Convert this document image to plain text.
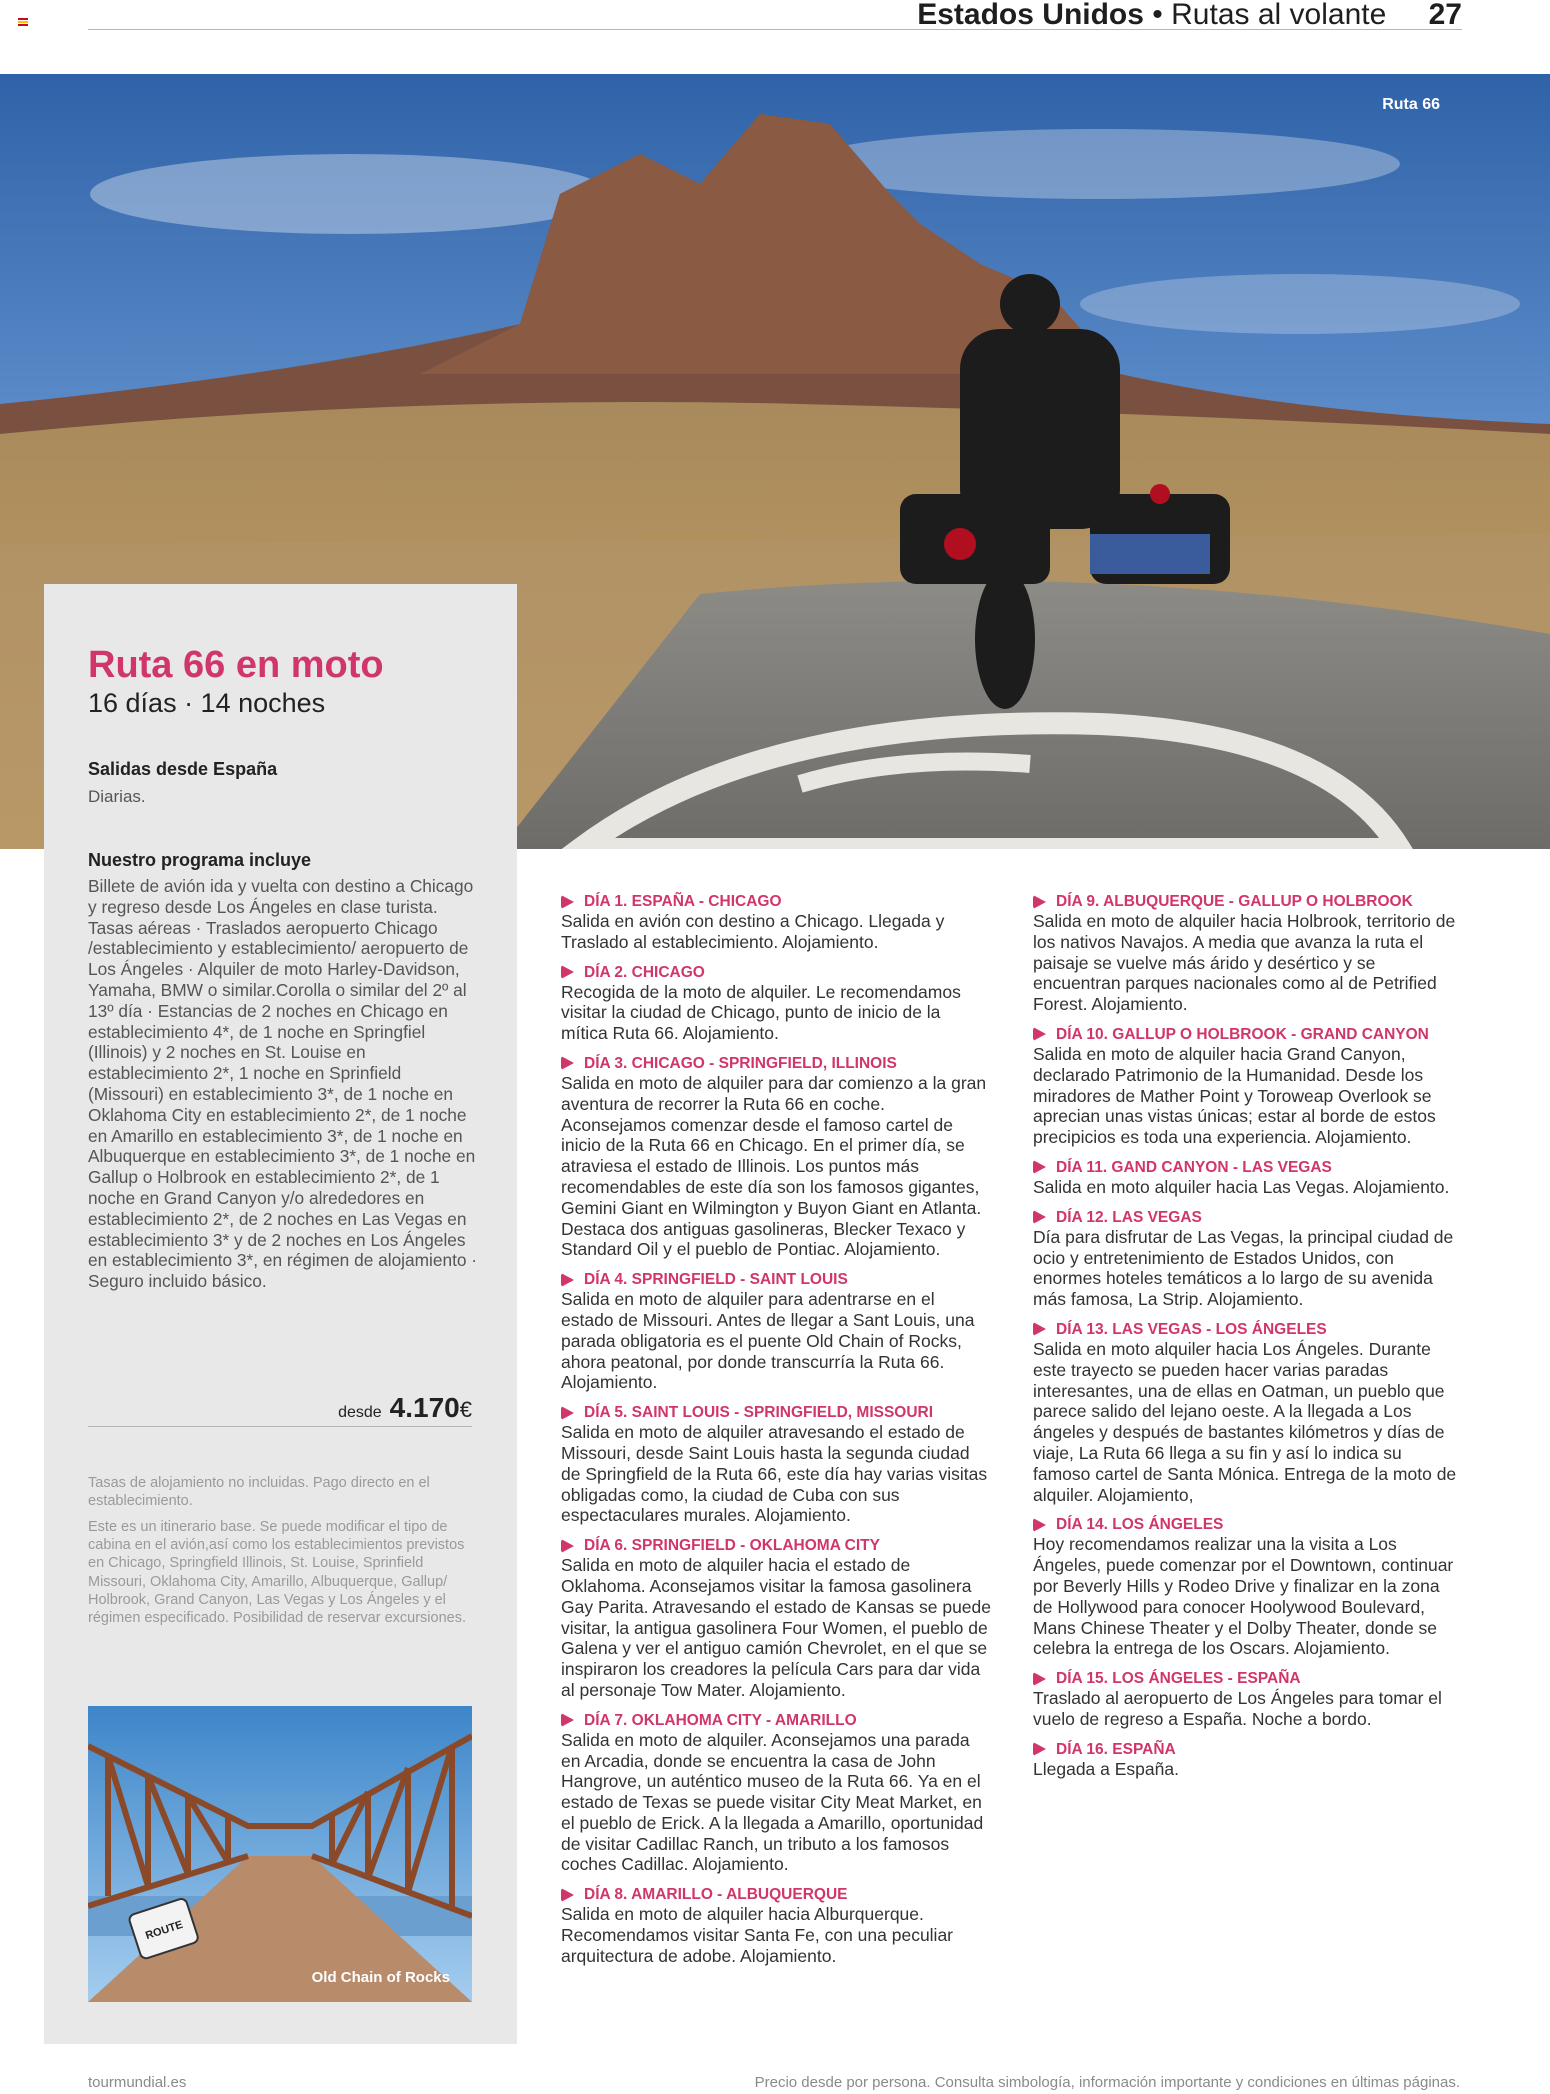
Estados Unidos • Rutas al volante 27
Ruta 66
Ruta 66 en moto
16 días · 14 noches
Salidas desde España
Diarias.
Nuestro programa incluye
Billete de avión ida y vuelta con destino a Chicago y regreso desde Los Ángeles en clase turista. Tasas aéreas · Traslados aeropuerto Chicago /establecimiento y establecimiento/ aeropuerto de Los Ángeles · Alquiler de moto Harley-Davidson, Yamaha, BMW o similar.Corolla o similar del 2º al 13º día · Estancias de 2 noches en Chicago en establecimiento 4*, de 1 noche en Springfiel (Illinois) y 2 noches en St. Louise en establecimiento 2*, 1 noche en Sprinfield (Missouri) en establecimiento 3*, de 1 noche en Oklahoma City en establecimiento 2*, de 1 noche en Amarillo en establecimiento 3*, de 1 noche en Albuquerque en establecimiento 3*, de 1 noche en Gallup o Holbrook en establecimiento 2*, de 1 noche en Grand Canyon y/o alrededores en establecimiento 2*, de 2 noches en Las Vegas en establecimiento 3* y de 2 noches en Los Ángeles en establecimiento 3*, en régimen de alojamiento · Seguro incluido básico.
desde 4.170€
Tasas de alojamiento no incluidas. Pago directo en el establecimiento.
Este es un itinerario base. Se puede modificar el tipo de cabina en el avión,así como los establecimientos previstos en Chicago, Springfield Illinois, St. Louise, Sprinfield Missouri, Oklahoma City, Amarillo, Albuquerque, Gallup/ Holbrook, Grand Canyon, Las Vegas y Los Ángeles y el régimen especificado. Posibilidad de reservar excursiones.
ROUTE
Old Chain of Rocks
DÍA 1. ESPAÑA - CHICAGO
Salida en avión con destino a Chicago. Llegada y Traslado al establecimiento. Alojamiento.
DÍA 2. CHICAGO
Recogida de la moto de alquiler. Le recomendamos visitar la ciudad de Chicago, punto de inicio de la mítica Ruta 66. Alojamiento.
DÍA 3. CHICAGO - SPRINGFIELD, ILLINOIS
Salida en moto de alquiler para dar comienzo a la gran aventura de recorrer la Ruta 66 en coche. Aconsejamos comenzar desde el famoso cartel de inicio de la Ruta 66 en Chicago. En el primer día, se atraviesa el estado de Illinois. Los puntos más recomendables de este día son los famosos gigantes, Gemini Giant en Wilmington y Buyon Giant en Atlanta. Destaca dos antiguas gasolineras, Blecker Texaco y Standard Oil y el pueblo de Pontiac. Alojamiento.
DÍA 4. SPRINGFIELD - SAINT LOUIS
Salida en moto de alquiler para adentrarse en el estado de Missouri. Antes de llegar a Sant Louis, una parada obligatoria es el puente Old Chain of Rocks, ahora peatonal, por donde transcurría la Ruta 66. Alojamiento.
DÍA 5. SAINT LOUIS - SPRINGFIELD, MISSOURI
Salida en moto de alquiler atravesando el estado de Missouri, desde Saint Louis hasta la segunda ciudad de Springfield de la Ruta 66, este día hay varias visitas obligadas como, la ciudad de Cuba con sus espectaculares murales. Alojamiento.
DÍA 6. SPRINGFIELD - OKLAHOMA CITY
Salida en moto de alquiler hacia el estado de Oklahoma. Aconsejamos visitar la famosa gasolinera Gay Parita. Atravesando el estado de Kansas se puede visitar, la antigua gasolinera Four Women, el pueblo de Galena y ver el antiguo camión Chevrolet, en el que se inspiraron los creadores la película Cars para dar vida al personaje Tow Mater. Alojamiento.
DÍA 7. OKLAHOMA CITY - AMARILLO
Salida en moto de alquiler. Aconsejamos una parada en Arcadia, donde se encuentra la casa de John Hangrove, un auténtico museo de la Ruta 66. Ya en el estado de Texas se puede visitar City Meat Market, en el pueblo de Erick. A la llegada a Amarillo, oportunidad de visitar Cadillac Ranch, un tributo a los famosos coches Cadillac. Alojamiento.
DÍA 8. AMARILLO - ALBUQUERQUE
Salida en moto de alquiler hacia Alburquerque. Recomendamos visitar Santa Fe, con una peculiar arquitectura de adobe. Alojamiento.
DÍA 9. ALBUQUERQUE - GALLUP O HOLBROOK
Salida en moto de alquiler hacia Holbrook, territorio de los nativos Navajos. A media que avanza la ruta el paisaje se vuelve más árido y desértico y se encuentran parques nacionales como al de Petrified Forest. Alojamiento.
DÍA 10. GALLUP O HOLBROOK - GRAND CANYON
Salida en moto de alquiler hacia Grand Canyon, declarado Patrimonio de la Humanidad. Desde los miradores de Mather Point y Toroweap Overlook se aprecian unas vistas únicas; estar al borde de estos precipicios es toda una experiencia. Alojamiento.
DÍA 11. GAND CANYON - LAS VEGAS
Salida en moto alquiler hacia Las Vegas. Alojamiento.
DÍA 12. LAS VEGAS
Día para disfrutar de Las Vegas, la principal ciudad de ocio y entretenimiento de Estados Unidos, con enormes hoteles temáticos a lo largo de su avenida más famosa, La Strip. Alojamiento.
DÍA 13. LAS VEGAS - LOS ÁNGELES
Salida en moto alquiler hacia Los Ángeles. Durante este trayecto se pueden hacer varias paradas interesantes, una de ellas en Oatman, un pueblo que parece salido del lejano oeste. A la llegada a Los ángeles y después de bastantes kilómetros y días de viaje, La Ruta 66 llega a su fin y así lo indica su famoso cartel de Santa Mónica. Entrega de la moto de alquiler. Alojamiento,
DÍA 14. LOS ÁNGELES
Hoy recomendamos realizar una la visita a Los Ángeles, puede comenzar por el Downtown, continuar por Beverly Hills y Rodeo Drive y finalizar en la zona de Hollywood para conocer Hoolywood Boulevard, Mans Chinese Theater y el Dolby Theater, donde se celebra la entrega de los Oscars. Alojamiento.
DÍA 15. LOS ÁNGELES - ESPAÑA
Traslado al aeropuerto de Los Ángeles para tomar el vuelo de regreso a España. Noche a bordo.
DÍA 16. ESPAÑA
Llegada a España.
tourmundial.es	Precio desde por persona. Consulta simbología, información importante y condiciones en últimas páginas.
